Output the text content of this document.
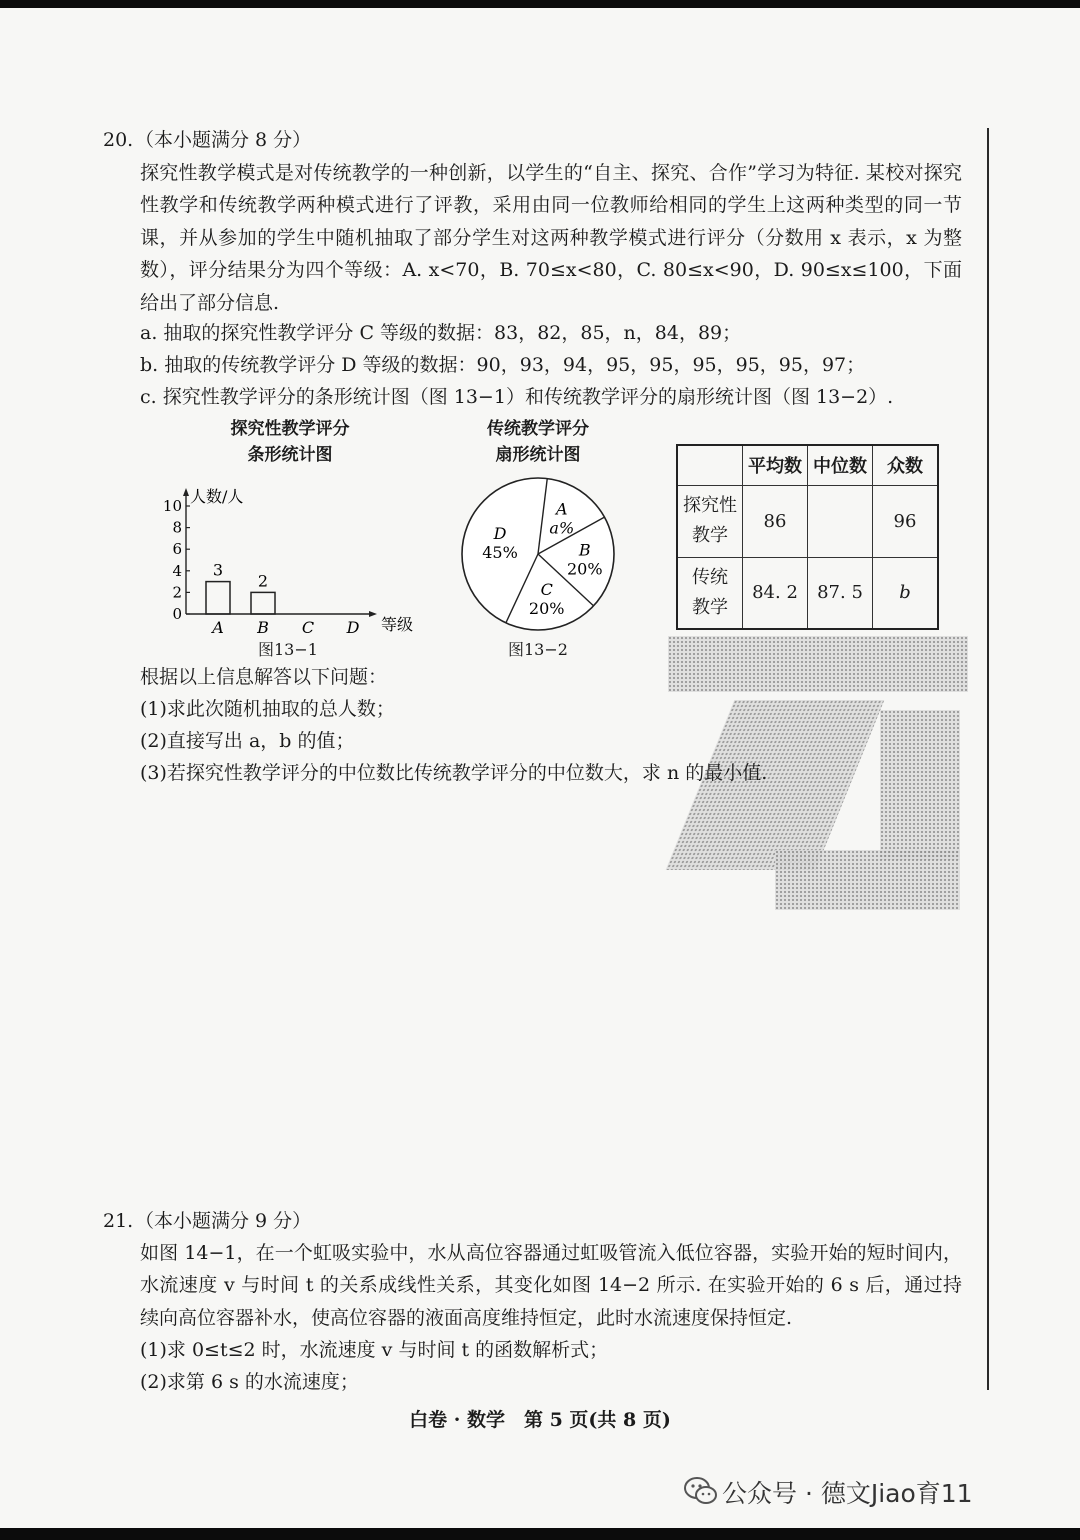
20. （本小题满分 8 分）
探究性教学模式是对传统教学的一种创新，以学生的“自主、探究、合作”学习为特征. 某校对探究性教学和传统教学两种模式进行了评教，采用由同一位教师给相同的学生上这两种类型的同一节课，并从参加的学生中随机抽取了部分学生对这两种教学模式进行评分（分数用 x 表示，x 为整数），评分结果分为四个等级：A. x<70，B. 70≤x<80，C. 80≤x<90，D. 90≤x≤100，下面给出了部分信息.
a. 抽取的探究性教学评分 C 等级的数据：83，82，85，n，84，89；
b. 抽取的传统教学评分 D 等级的数据：90，93，94，95，95，95，95，95，97；
c. 探究性教学评分的条形统计图（图 13−1）和传统教学评分的扇形统计图（图 13−2）.
探究性教学评分
条形统计图
人数/人
等级
0
2
4
6
8
10
A
3
B
2
C D
图13−1
传统教学评分
扇形统计图
A
a%
B
20%
C
20%
D
45%
图13−2
	平均数	中位数	众数

探究性
教学	86		96

传统
教学	84. 2	87. 5	b
根据以上信息解答以下问题：
(1)求此次随机抽取的总人数；
(2)直接写出 a，b 的值；
(3)若探究性教学评分的中位数比传统教学评分的中位数大，求 n 的最小值.
21. （本小题满分 9 分）
如图 14−1，在一个虹吸实验中，水从高位容器通过虹吸管流入低位容器，实验开始的短时间内，水流速度 v 与时间 t 的关系成线性关系，其变化如图 14−2 所示. 在实验开始的 6 s 后，通过持续向高位容器补水，使高位容器的液面高度维持恒定，此时水流速度保持恒定.
(1)求 0≤t≤2 时，水流速度 v 与时间 t 的函数解析式；
(2)求第 6 s 的水流速度；
白卷 · 数学　第 5 页(共 8 页)
公众号 · 德文Jiao育11
